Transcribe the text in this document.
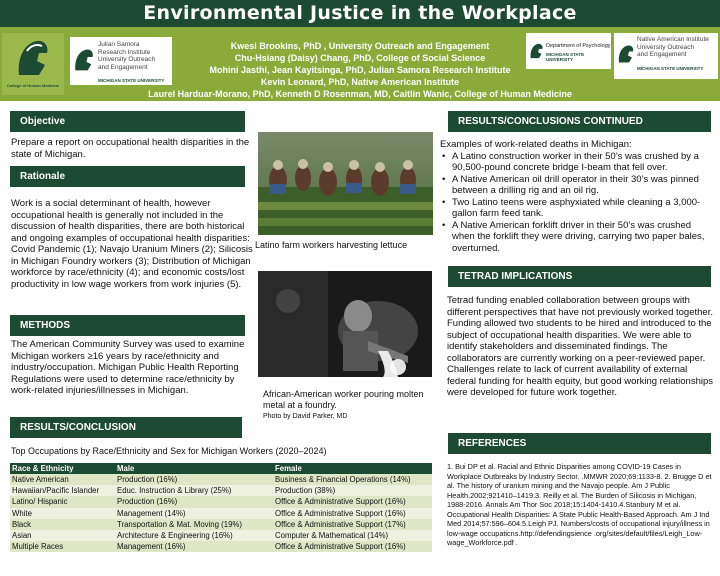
Environmental Justice in the Workplace
College of Human Medicine
Julian Samora
Research Institute
University Outreach
and Engagement
MICHIGAN STATE UNIVERSITY
Kwesi Brookins, PhD , University Outreach and Engagement
Chu-Hsiang (Daisy) Chang, PhD, College of Social Science
Mohini Jasthi, Jean Kayitsinga, PhD, Julian Samora Research Institute
Kevin Leonard, PhD, Native American Institute
Laurel Harduar-Morano, PhD, Kenneth D Rosenman, MD, Caitlin Wanic, College of Human Medicine
Department of Psychology
MICHIGAN STATE UNIVERSITY
Native American Institute
University Outreach
and Engagement
MICHIGAN STATE UNIVERSITY
Objective
Prepare a report on occupational health disparities in the state of Michigan.
Rationale
Work is a social determinant of health, however occupational health is generally not included in the discussion of health disparities, there are both historical and ongoing examples of occupational health disparities: Covid Pandemic (1); Navajo Uranium Miners (2); Silicosis in Michigan Foundry workers (3); Distribution of Michigan workforce by race/ethnicity (4); and economic costs/lost productivity in low wage workers from work injuries (5).
METHODS
The American Community Survey was used to examine Michigan workers ≥16 years by race/ethnicity and industry/occupation. Michigan Public Health Reporting Regulations were used to determine race/ethnicity by work-related injuries/illnesses in Michigan.
RESULTS/CONCLUSION
Top Occupations by Race/Ethnicity and Sex for Michigan Workers (2020–2024)
Race & Ethnicity	Male	Female
Native American	Production (16%)	Business & Financial Operations (14%)
Hawaiian/Pacific Islander	Educ. Instruction & Library (25%)	Production (38%)
Latino/ Hispanic	Production (16%)	Office & Administrative Support (16%)
White	Management (14%)	Office & Administrative Support (16%)
Black	Transportation & Mat. Moving (19%)	Office & Administrative Support (17%)
Asian	Architecture & Engineering (16%)	Computer & Mathematical (14%)
Multiple Races	Management (16%)	Office & Administrative Support (16%)
Latino farm workers harvesting lettuce
African-American worker pouring molten metal at a foundry.
Photo by David Parker, MD
RESULTS/CONCLUSIONS CONTINUED
Examples of work-related deaths in Michigan:
• A Latino construction worker in their 50’s was crushed by a 90,500-pound concrete bridge I-beam that fell over.
• A Native American oil drill operator in their 30’s was pinned between a drilling rig and an oil rig.
• Two Latino teens were asphyxiated while cleaning a 3,000-gallon farm feed tank.
• A Native American forklift driver in their 50’s was crushed when the forklift they were driving, carrying two paper bales, overturned.
TETRAD IMPLICATIONS
Tetrad funding enabled collaboration between groups with different perspectives that have not previously worked together. Funding allowed two students to be hired and introduced to the subject of occupational health disparities. We were able to identify stakeholders and disseminated findings. The collaborators are currently working on a peer-reviewed paper. Challenges relate to lack of current availability of external federal funding for health equity, but good working relationships were developed for future work together.
REFERENCES
1. Bui DP et al. Racial and Ethnic Disparities among COVID-19 Cases in Workplace Outbreaks by Industry Sector. .MMWR 2020;69:1133-8. 2. Brugge D et al. The history of uranium mining and the Navajo people. Am J Public Health.2002;921410–1419.3. Reilly et al. The Burden of Silicosis in Michigan, 1988-2016. Annals Am Thor Soc 2018;15:1404-1410.4.Stanbury M et al. Occupational Health Disparities: A State Public Health-Based Approach. Am J Ind Med 2014;57:596–604.5.Leigh PJ. Numbers/costs of occupational injury/illness in low-wage occupaticns.http://defendingsience .org/sites/default/files/Leigh_Low-wage_Workforce.pdf .
